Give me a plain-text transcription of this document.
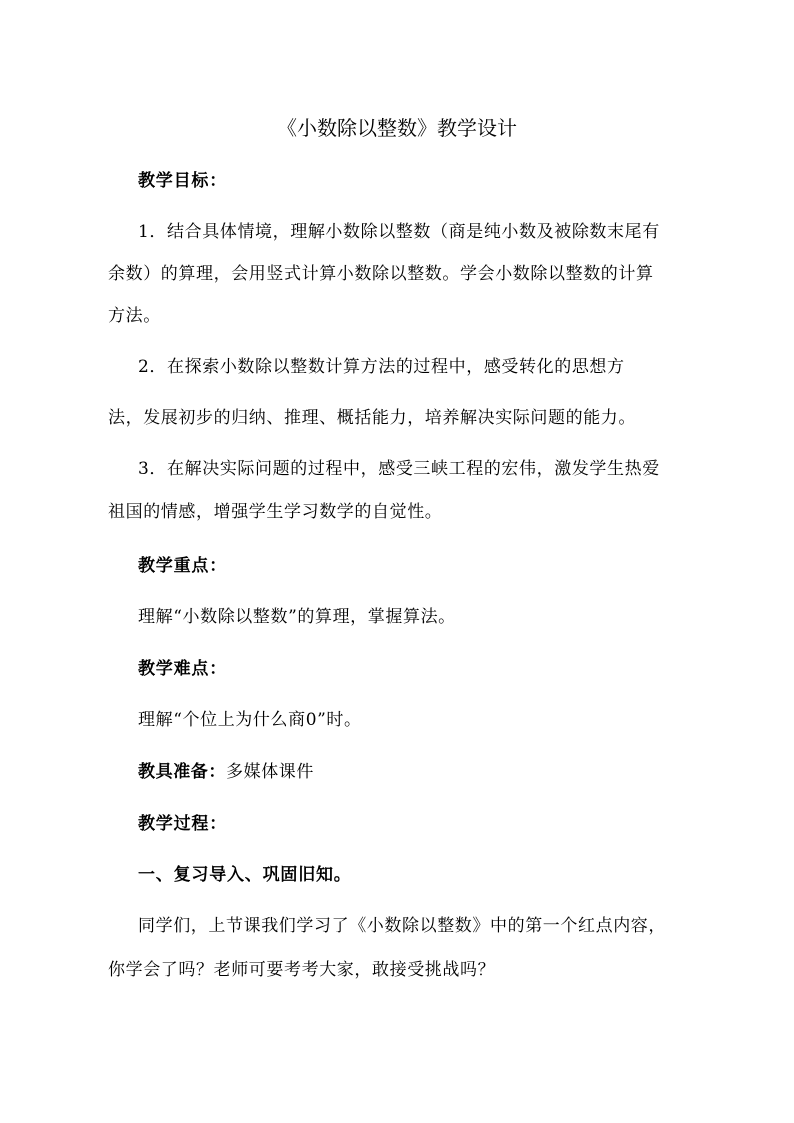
《小数除以整数》教学设计
教学目标：
1．结合具体情境，理解小数除以整数（商是纯小数及被除数末尾有
余数）的算理，会用竖式计算小数除以整数。学会小数除以整数的计算
方法。
2．在探索小数除以整数计算方法的过程中，感受转化的思想方
法，发展初步的归纳、推理、概括能力，培养解决实际问题的能力。
3．在解决实际问题的过程中，感受三峡工程的宏伟，激发学生热爱
祖国的情感，增强学生学习数学的自觉性。
教学重点：
理解“小数除以整数”的算理，掌握算法。
教学难点：
理解“个位上为什么商0”时。
教具准备：多媒体课件
教学过程：
一、复习导入、巩固旧知。
同学们，上节课我们学习了《小数除以整数》中的第一个红点内容，
你学会了吗？老师可要考考大家，敢接受挑战吗？
